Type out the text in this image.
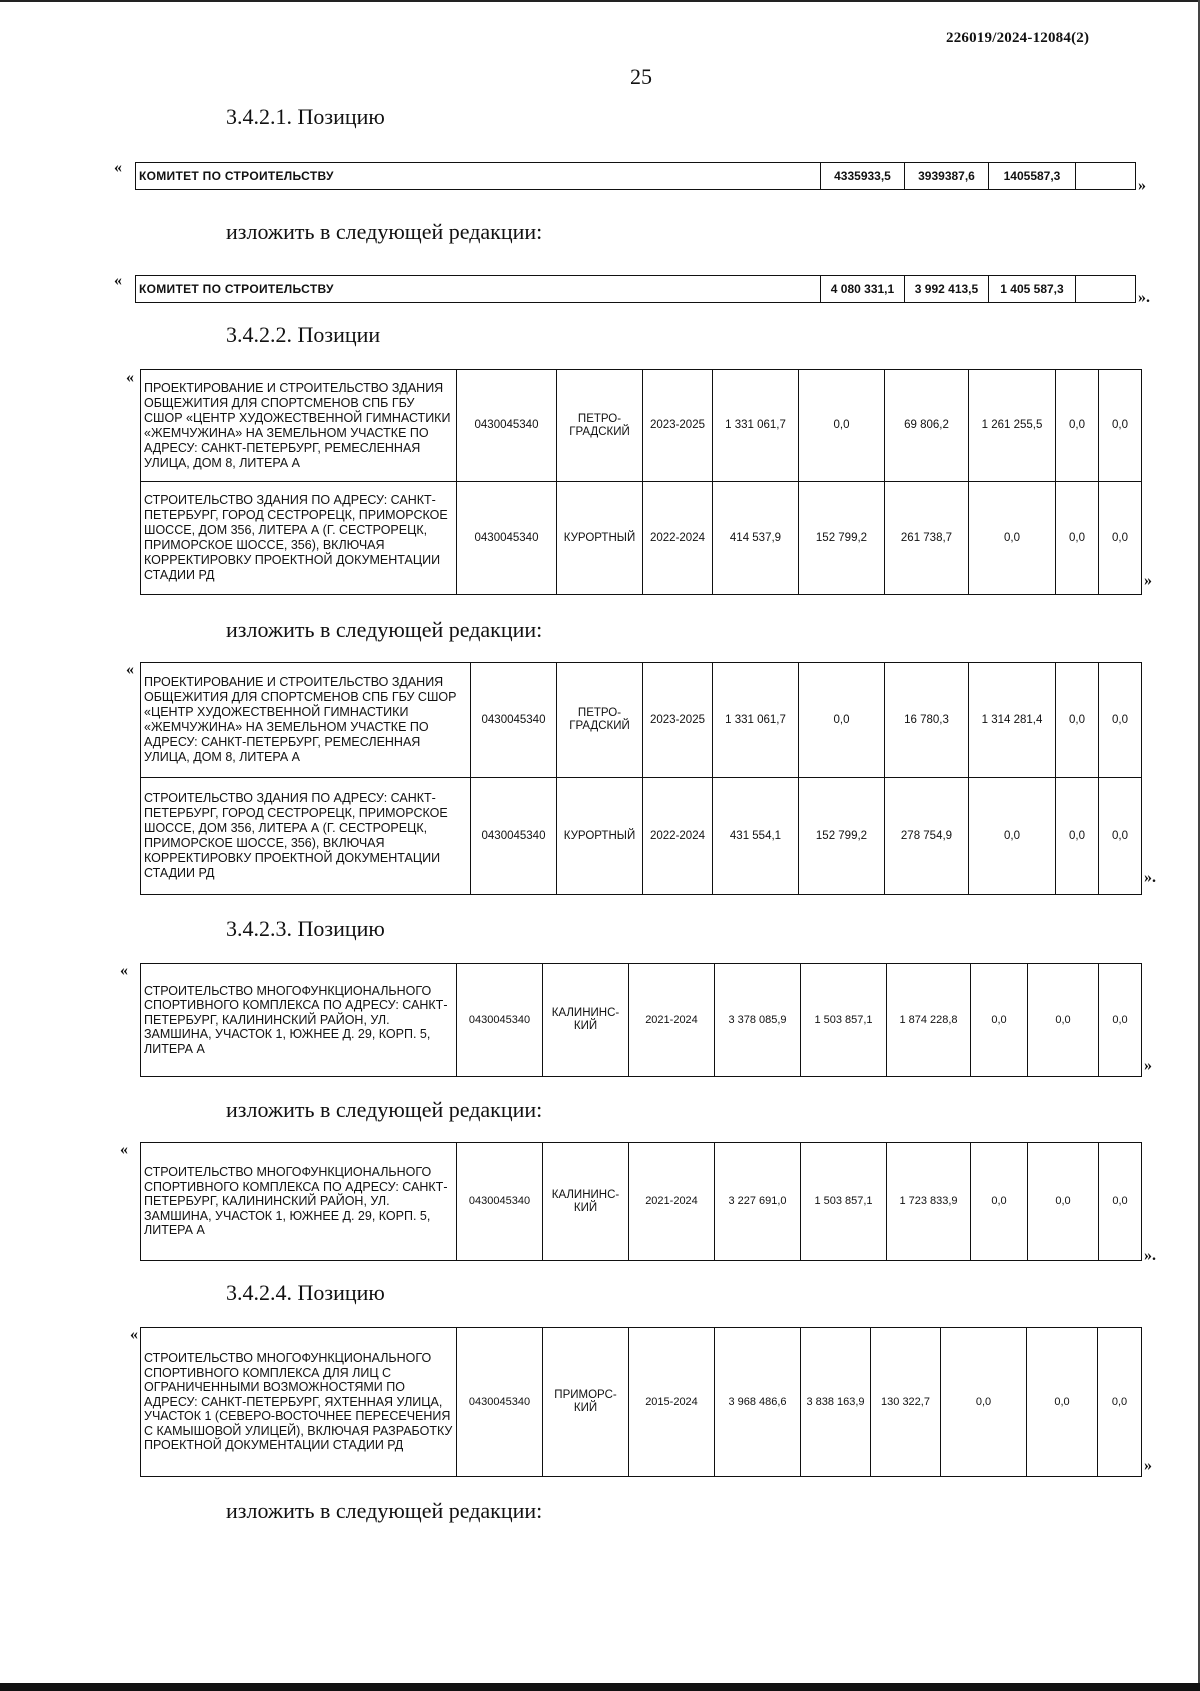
226019/2024-12084(2)
25
3.4.2.1. Позицию
« КОМИТЕТ ПО СТРОИТЕЛЬСТВУ	4335933,5	3939387,6	1405587,3	
»
изложить в следующей редакции:
« КОМИТЕТ ПО СТРОИТЕЛЬСТВУ	4 080 331,1	3 992 413,5	1 405 587,3	
».
3.4.2.2. Позиции
«
ПРОЕКТИРОВАНИЕ И СТРОИТЕЛЬСТВО ЗДАНИЯ ОБЩЕЖИТИЯ ДЛЯ СПОРТСМЕНОВ СПБ ГБУ СШОР «ЦЕНТР ХУДОЖЕСТВЕННОЙ ГИМНАСТИКИ «ЖЕМЧУЖИНА» НА ЗЕМЕЛЬНОМ УЧАСТКЕ ПО АДРЕСУ: САНКТ-ПЕТЕРБУРГ, РЕМЕСЛЕННАЯ УЛИЦА, ДОМ 8, ЛИТЕРА А	0430045340	ПЕТРО-ГРАДСКИЙ	2023-2025	1 331 061,7	0,0	69 806,2	1 261 255,5	0,0	0,0
СТРОИТЕЛЬСТВО ЗДАНИЯ ПО АДРЕСУ: САНКТ-ПЕТЕРБУРГ, ГОРОД СЕСТРОРЕЦК, ПРИМОРСКОЕ ШОССЕ, ДОМ 356, ЛИТЕРА А (Г. СЕСТРОРЕЦК, ПРИМОРСКОЕ ШОССЕ, 356), ВКЛЮЧАЯ КОРРЕКТИРОВКУ ПРОЕКТНОЙ ДОКУМЕНТАЦИИ СТАДИИ РД	0430045340	КУРОРТНЫЙ	2022-2024	414 537,9	152 799,2	261 738,7	0,0	0,0	0,0
»
изложить в следующей редакции:
«
ПРОЕКТИРОВАНИЕ И СТРОИТЕЛЬСТВО ЗДАНИЯ ОБЩЕЖИТИЯ ДЛЯ СПОРТСМЕНОВ СПБ ГБУ СШОР «ЦЕНТР ХУДОЖЕСТВЕННОЙ ГИМНАСТИКИ «ЖЕМЧУЖИНА» НА ЗЕМЕЛЬНОМ УЧАСТКЕ ПО АДРЕСУ: САНКТ-ПЕТЕРБУРГ, РЕМЕСЛЕННАЯ УЛИЦА, ДОМ 8, ЛИТЕРА А	0430045340	ПЕТРО-ГРАДСКИЙ	2023-2025	1 331 061,7	0,0	16 780,3	1 314 281,4	0,0	0,0
СТРОИТЕЛЬСТВО ЗДАНИЯ ПО АДРЕСУ: САНКТ-ПЕТЕРБУРГ, ГОРОД СЕСТРОРЕЦК, ПРИМОРСКОЕ ШОССЕ, ДОМ 356, ЛИТЕРА А (Г. СЕСТРОРЕЦК, ПРИМОРСКОЕ ШОССЕ, 356), ВКЛЮЧАЯ КОРРЕКТИРОВКУ ПРОЕКТНОЙ ДОКУМЕНТАЦИИ СТАДИИ РД	0430045340	КУРОРТНЫЙ	2022-2024	431 554,1	152 799,2	278 754,9	0,0	0,0	0,0
».
3.4.2.3. Позицию
«
СТРОИТЕЛЬСТВО МНОГОФУНКЦИОНАЛЬНОГО СПОРТИВНОГО КОМПЛЕКСА ПО АДРЕСУ: САНКТ-ПЕТЕРБУРГ, КАЛИНИНСКИЙ РАЙОН, УЛ. ЗАМШИНА, УЧАСТОК 1, ЮЖНЕЕ Д. 29, КОРП. 5, ЛИТЕРА А	0430045340	КАЛИНИНС-КИЙ	2021-2024	3 378 085,9	1 503 857,1	1 874 228,8	0,0	0,0	0,0
»
изложить в следующей редакции:
«
СТРОИТЕЛЬСТВО МНОГОФУНКЦИОНАЛЬНОГО СПОРТИВНОГО КОМПЛЕКСА ПО АДРЕСУ: САНКТ-ПЕТЕРБУРГ, КАЛИНИНСКИЙ РАЙОН, УЛ. ЗАМШИНА, УЧАСТОК 1, ЮЖНЕЕ Д. 29, КОРП. 5, ЛИТЕРА А	0430045340	КАЛИНИНС-КИЙ	2021-2024	3 227 691,0	1 503 857,1	1 723 833,9	0,0	0,0	0,0
».
3.4.2.4. Позицию
«
СТРОИТЕЛЬСТВО МНОГОФУНКЦИОНАЛЬНОГО СПОРТИВНОГО КОМПЛЕКСА ДЛЯ ЛИЦ С ОГРАНИЧЕННЫМИ ВОЗМОЖНОСТЯМИ ПО АДРЕСУ: САНКТ-ПЕТЕРБУРГ, ЯХТЕННАЯ УЛИЦА, УЧАСТОК 1 (СЕВЕРО-ВОСТОЧНЕЕ ПЕРЕСЕЧЕНИЯ С КАМЫШОВОЙ УЛИЦЕЙ), ВКЛЮЧАЯ РАЗРАБОТКУ ПРОЕКТНОЙ ДОКУМЕНТАЦИИ СТАДИИ РД	0430045340	ПРИМОРС-КИЙ	2015-2024	3 968 486,6	3 838 163,9	130 322,7	0,0	0,0	0,0
»
изложить в следующей редакции:
